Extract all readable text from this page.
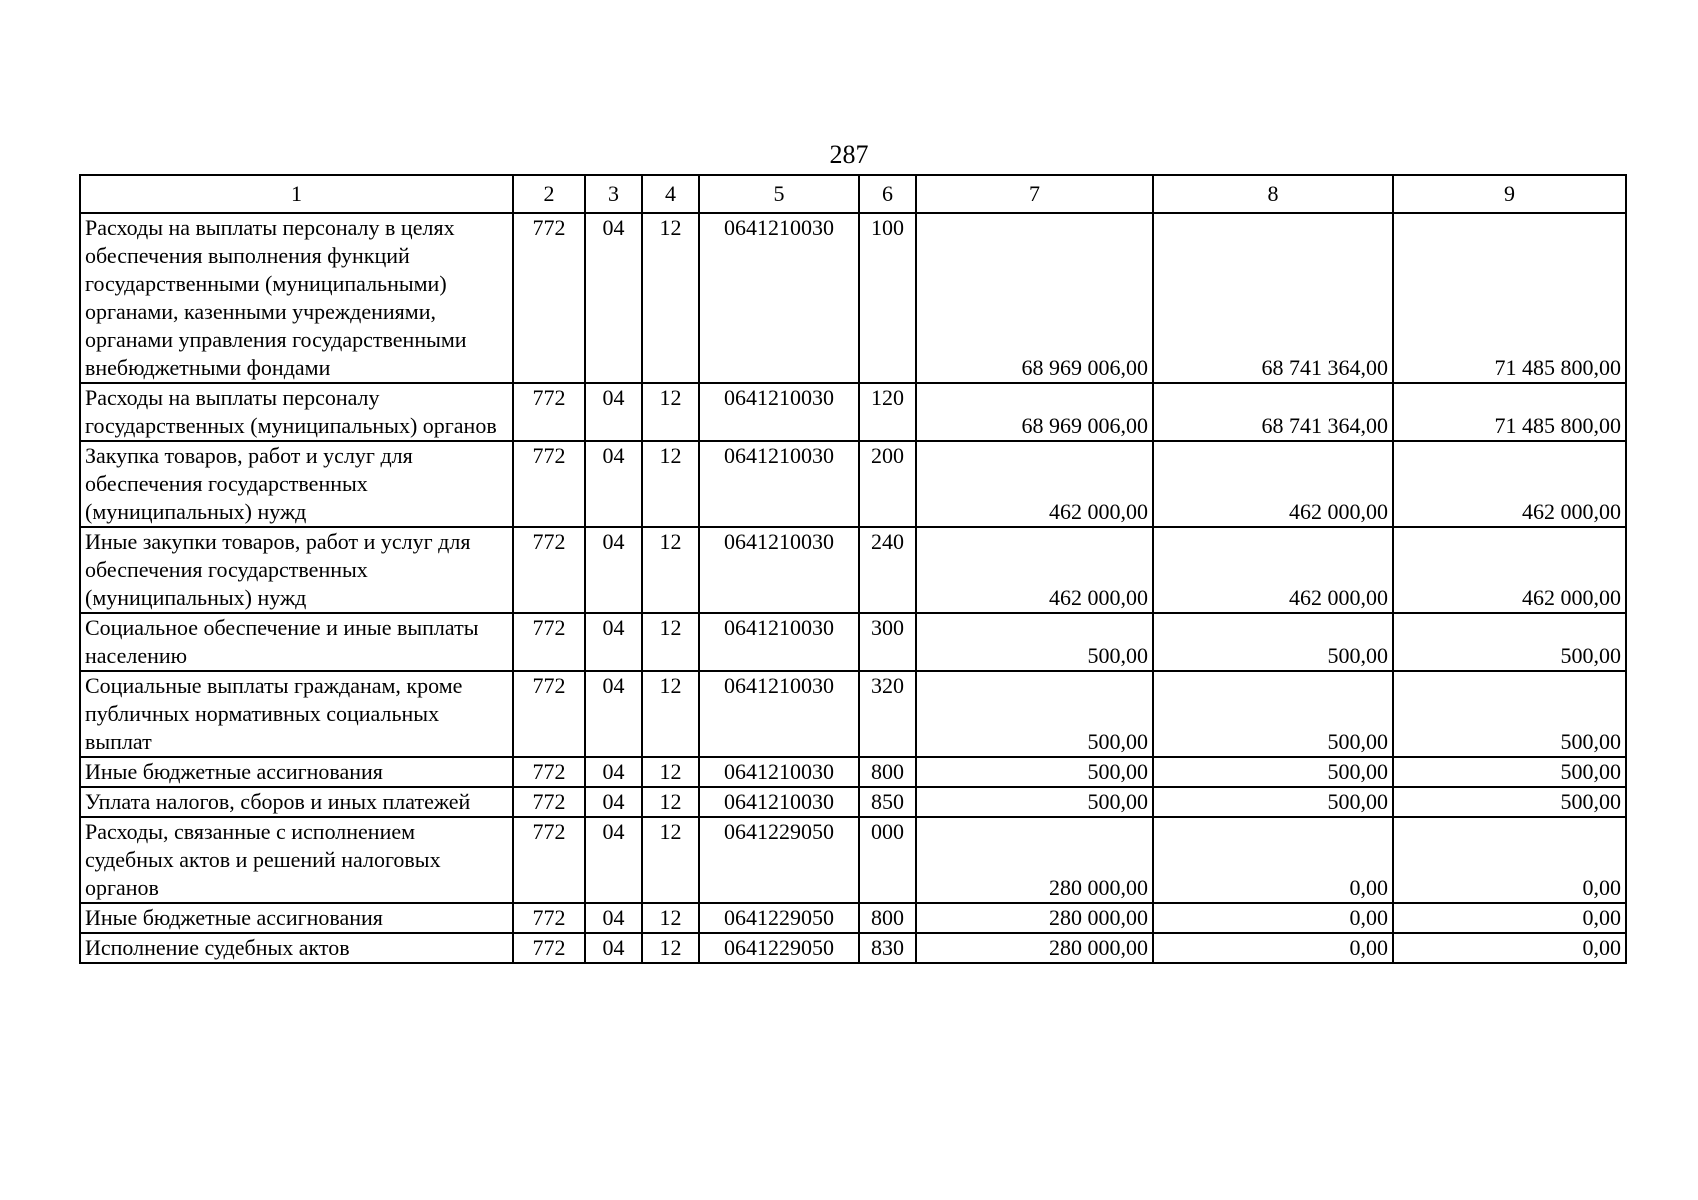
287
1	2	3	4	5	6	7	8	9
Расходы на выплаты персоналу в целях обеспечения выполнения функций государственными (муниципальными) органами, казенными учреждениями, органами управления государственными внебюджетными фондами	772	04	12	0641210030	100	68 969 006,00	68 741 364,00	71 485 800,00
Расходы на выплаты персоналу государственных (муниципальных) органов	772	04	12	0641210030	120	68 969 006,00	68 741 364,00	71 485 800,00
Закупка товаров, работ и услуг для обеспечения государственных (муниципальных) нужд	772	04	12	0641210030	200	462 000,00	462 000,00	462 000,00
Иные закупки товаров, работ и услуг для обеспечения государственных (муниципальных) нужд	772	04	12	0641210030	240	462 000,00	462 000,00	462 000,00
Социальное обеспечение и иные выплаты населению	772	04	12	0641210030	300	500,00	500,00	500,00
Социальные выплаты гражданам, кроме публичных нормативных социальных выплат	772	04	12	0641210030	320	500,00	500,00	500,00
Иные бюджетные ассигнования	772	04	12	0641210030	800	500,00	500,00	500,00
Уплата налогов, сборов и иных платежей	772	04	12	0641210030	850	500,00	500,00	500,00
Расходы, связанные с исполнением судебных актов и решений налоговых органов	772	04	12	0641229050	000	280 000,00	0,00	0,00
Иные бюджетные ассигнования	772	04	12	0641229050	800	280 000,00	0,00	0,00
Исполнение судебных актов	772	04	12	0641229050	830	280 000,00	0,00	0,00
